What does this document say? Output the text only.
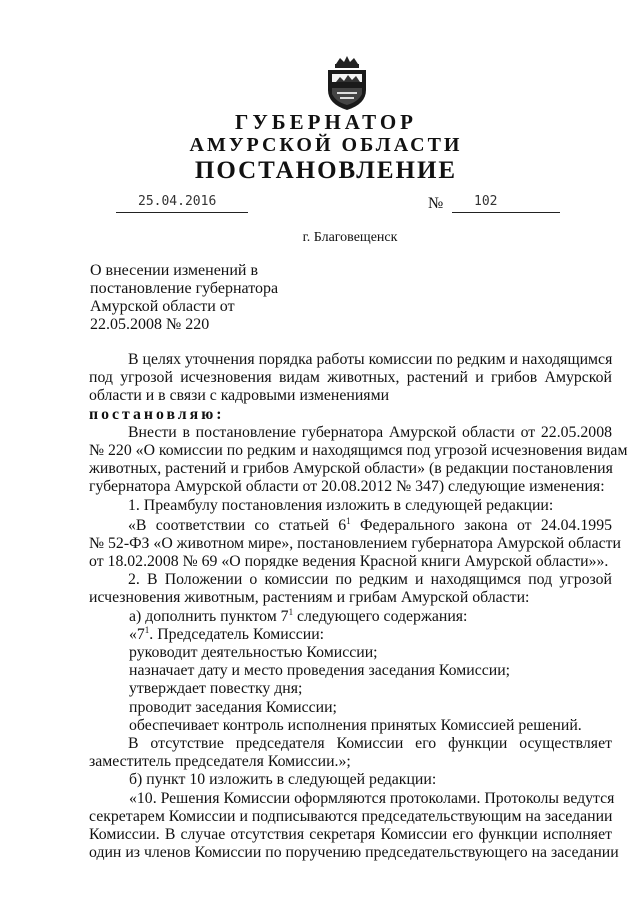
ГУБЕРНАТОР
АМУРСКОЙ ОБЛАСТИ
ПОСТАНОВЛЕНИЕ
25.04.2016	№ 102
г. Благовещенск
О внесении изменений в
постановление губернатора
Амурской области от
22.05.2008 № 220
В целях уточнения порядка работы комиссии по редким и находящимся
под угрозой исчезновения видам животных, растений и грибов Амурской
области и в связи с кадровыми изменениями
постановляю:
Внести в постановление губернатора Амурской области от 22.05.2008
№ 220 «О комиссии по редким и находящимся под угрозой исчезновения видам
животных, растений и грибов Амурской области» (в редакции постановления
губернатора Амурской области от 20.08.2012 № 347) следующие изменения:
1. Преамбулу постановления изложить в следующей редакции:
«В соответствии со статьей $6^1$ Федерального закона от 24.04.1995
№ 52-ФЗ «О животном мире», постановлением губернатора Амурской области
от 18.02.2008 № 69 «О порядке ведения Красной книги Амурской области»».
2. В Положении о комиссии по редким и находящимся под угрозой
исчезновения животным, растениям и грибам Амурской области:
а) дополнить пунктом $7^1$ следующего содержания:
«$7^1$. Председатель Комиссии:
руководит деятельностью Комиссии;
назначает дату и место проведения заседания Комиссии;
утверждает повестку дня;
проводит заседания Комиссии;
обеспечивает контроль исполнения принятых Комиссией решений.
В отсутствие председателя Комиссии его функции осуществляет
заместитель председателя Комиссии.»;
б) пункт 10 изложить в следующей редакции:
«10. Решения Комиссии оформляются протоколами. Протоколы ведутся
секретарем Комиссии и подписываются председательствующим на заседании
Комиссии. В случае отсутствия секретаря Комиссии его функции исполняет
один из членов Комиссии по поручению председательствующего на заседании
